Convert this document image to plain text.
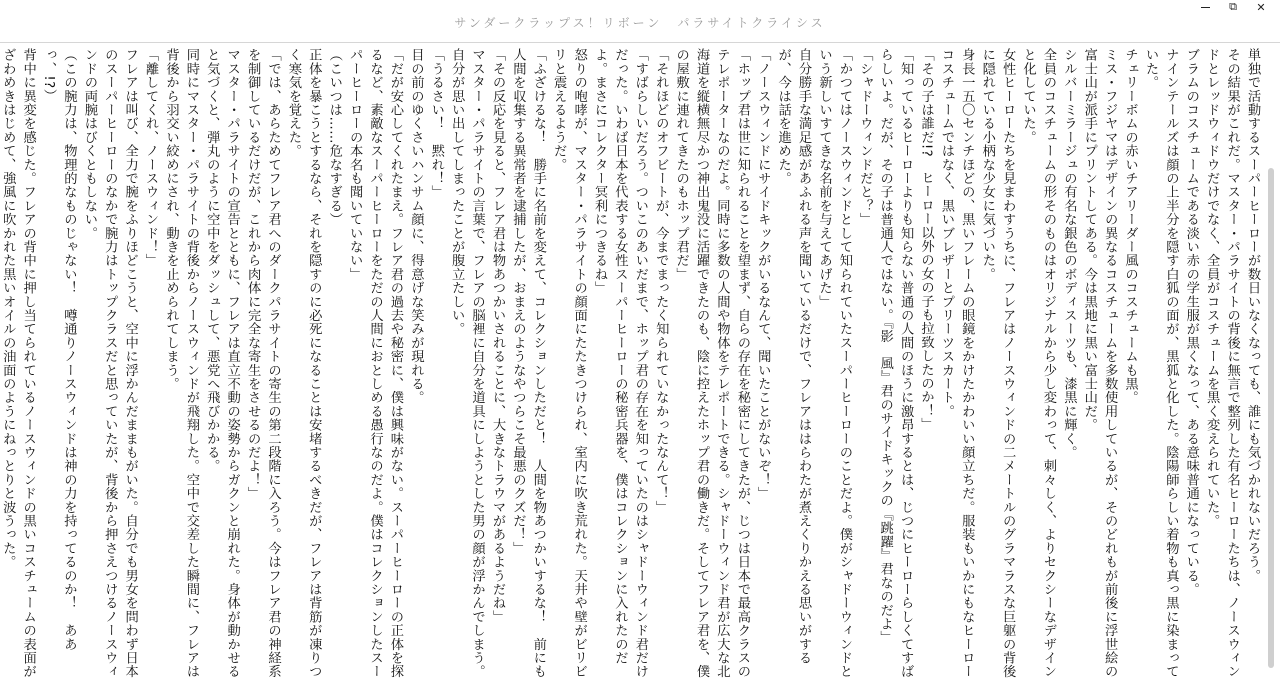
サンダークラップス！リボーン　パラサイトクライシス
⧉ ✕
単独で活動するスーパーヒーローが数日いなくなっても、誰にも気づかれないだろう。
その結果がこれだ。マスター・パラサイトの背後に無言で整列した有名ヒーローたちは、ノースウィンドとレッドウィドウだけでなく、全員がコスチュームを黒く変えられていた。
ブラムのコスチュームである淡い赤の学生服が黒くなって、ある意味普通になっている。
ナインテールズは顔の上半分を隠す白狐の面が、黒狐と化した。陰陽師らしい着物も真っ黒に染まっていた。
チェリーボムの赤いチアリーダー風のコスチュームも黒。
ミス・フジヤマはデザインの異なるコスチュームを多数使用しているが、そのどれもが前後に浮世絵の富士山が派手にプリントしてある。今は黒地に黒い富士山だ。
シルバーミラージュの有名な銀色のボディスーツも、漆黒に輝く。
全員のコスチュームの形そのものはオリジナルから少し変わって、刺々しく、よりセクシーなデザインと化していた。
女性ヒーローたちを見まわすうちに、フレアはノースウィンドの二メートルのグラマラスな巨躯の背後に隠れている小柄な少女に気づいた。
身長一五〇センチほどの、黒いフレームの眼鏡をかけたかわいい顔立ちだ。服装もいかにもなヒーローコスチュームではなく、黒いブレザーとプリーツスカート。
「その子は誰だ!?　ヒーロー以外の女の子も拉致したのか！」
「知っているヒーローよりも知らない普通の人間のほうに激昂するとは、じつにヒーローらしくてすばらしいよ。だが、その子は普通人ではない。『影　風』君のサイドキックの『跳躍』君なのだよ」
「シャドーウィンドだと？」
「かつてはノースウィンドとして知られていたスーパーヒーローのことだよ。僕がシャドーウィンドという新しいすてきな名前を与えてあげた」
自分勝手な満足感があふれる声を聞いているだけで、フレアははらわたが煮えくりかえる思いがするが、今は話を進めた。
「ノースウィンドにサイドキックがいるなんて、聞いたことがないぞ！」
「ホップ君は世に知られることを望まず、自らの存在を秘密にしてきたが、じつは日本で最高クラスのテレポーターなのだよ。同時に多数の人間や物体をテレポートできる。シャドーウィンド君が広大な北海道を縦横無尽かつ神出鬼没に活躍できたのも、陰に控えたホップ君の働きだ。そしてフレア君を、僕の屋敷に連れてきたのもホップ君だ」
「それほどのオフビートが、今までまったく知られていなかったなんて！」
「すばらしいだろう。ついこのあいだまで、ホップ君の存在を知っていたのはシャドーウィンド君だけだった。いわば日本を代表する女性スーパーヒーローの秘密兵器を、僕はコレクションに入れたのだよ。まさにコレクター冥利につきるね」
怒りの咆哮が、マスター・パラサイトの顔面にたたきつけられ、室内に吹き荒れた。天井や壁がビリビリと震えるようだ。
「ふざけるな！　勝手に名前を変えて、コレクションしただと！　人間を物あつかいするな！　前にも人間を収集する異常者を逮捕したが、おまえのようなやつらこそ最悪のクズだ！」
「その反応を見ると、フレア君は物あつかいされることに、大きなトラウマがあるようだね」
マスター・パラサイトの言葉で、フレアの脳裡に自分を道具にしようとした男の顔が浮かんでしまう。自分が思い出してしまったことが腹立たしい。
「うるさい！　黙れ！」
目の前のゆくさいハンサム顔に、得意げな笑みが現れる。
「だが安心してくれたまえ。フレア君の過去や秘密に、僕は興味がない。スーパーヒーローの正体を探るなど、素敵なスーパーヒーローをただの人間におとしめる愚行なのだよ。僕はコレクションしたスーパーヒーローの本名も聞いていない」
（こいつは……危なすぎる）
正体を暴こうとするなら、それを隠すのに必死になることは安堵するべきだが、フレアは背筋が凍りつく寒気を覚えた。
「では、あらためてフレア君へのダークパラサイトの寄生の第二段階に入ろう。今はフレア君の神経系を制御しているだけだが、これから肉体に完全な寄生をさせるのだよ！」
マスター・パラサイトの宣告とともに、フレアは直立不動の姿勢からガクンと崩れた。身体が動かせると気づくと、弾丸のように空中をダッシュして、悪党へ飛びかかる。
同時にマスター・パラサイトの背後からノースウィンドが飛翔した。空中で交差した瞬間に、フレアは背後から羽交い絞めにされ、動きを止められてしまう。
「離してくれ、ノースウィンド！」
フレアは叫び、全力で腕をふりほどこうと、空中に浮かんだままもがいた。自分でも男女を問わず日本のスーパーヒーローのなかで腕力はトップクラスだと思っていたが、背後から押さえつけるノースウィンドの両腕はびくともしない。
（この腕力は、物理的なものじゃない！　噂通りノースウィンドは神の力を持ってるのか！　ああっ、!?）
背中に異変を感じた。フレアの背中に押し当てられているノースウィンドの黒いコスチュームの表面がざわめきはじめて、強風に吹かれた黒いオイルの油面のようにねっとりと波うった。
